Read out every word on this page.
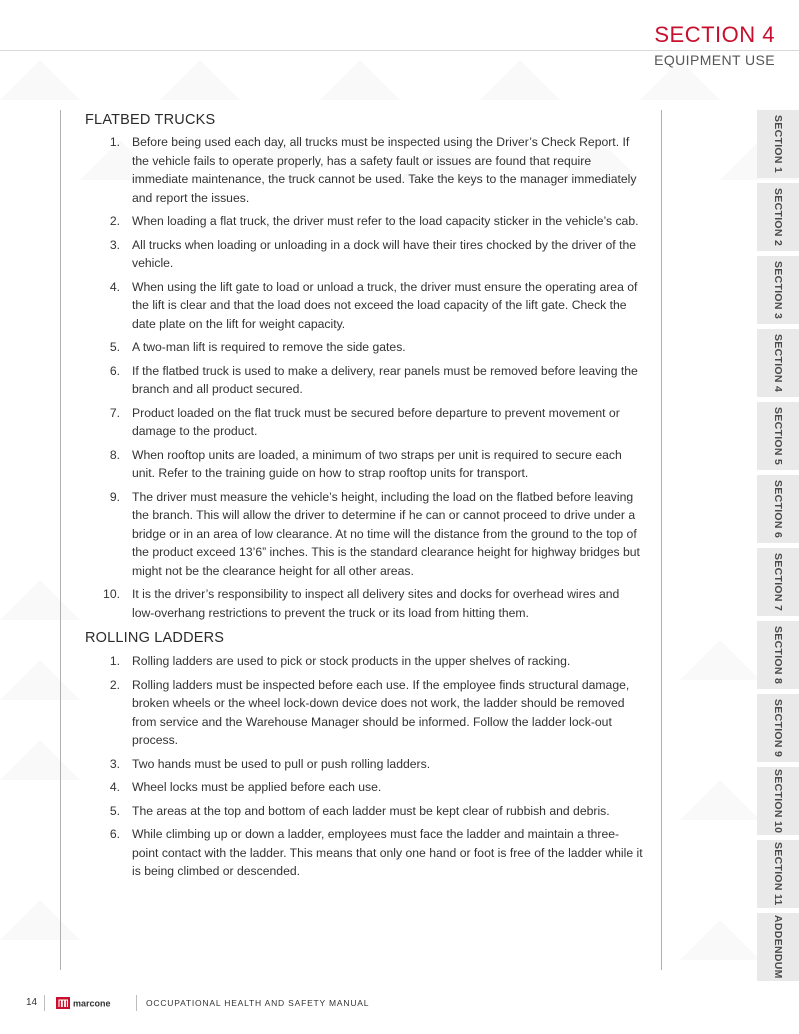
SECTION 4
EQUIPMENT USE
FLATBED TRUCKS
1. Before being used each day, all trucks must be inspected using the Driver’s Check Report. If the vehicle fails to operate properly, has a safety fault or issues are found that require immediate maintenance, the truck cannot be used. Take the keys to the manager immediately and report the issues.
2. When loading a flat truck, the driver must refer to the load capacity sticker in the vehicle’s cab.
3. All trucks when loading or unloading in a dock will have their tires chocked by the driver of the vehicle.
4. When using the lift gate to load or unload a truck, the driver must ensure the operating area of the lift is clear and that the load does not exceed the load capacity of the lift gate. Check the date plate on the lift for weight capacity.
5. A two-man lift is required to remove the side gates.
6. If the flatbed truck is used to make a delivery, rear panels must be removed before leaving the branch and all product secured.
7. Product loaded on the flat truck must be secured before departure to prevent movement or damage to the product.
8. When rooftop units are loaded, a minimum of two straps per unit is required to secure each unit. Refer to the training guide on how to strap rooftop units for transport.
9. The driver must measure the vehicle’s height, including the load on the flatbed before leaving the branch. This will allow the driver to determine if he can or cannot proceed to drive under a bridge or in an area of low clearance. At no time will the distance from the ground to the top of the product exceed 13’6” inches. This is the standard clearance height for highway bridges but might not be the clearance height for all other areas.
10. It is the driver’s responsibility to inspect all delivery sites and docks for overhead wires and low-overhang restrictions to prevent the truck or its load from hitting them.
ROLLING LADDERS
1. Rolling ladders are used to pick or stock products in the upper shelves of racking.
2. Rolling ladders must be inspected before each use. If the employee finds structural damage, broken wheels or the wheel lock-down device does not work, the ladder should be removed from service and the Warehouse Manager should be informed. Follow the ladder lock-out process.
3. Two hands must be used to pull or push rolling ladders.
4. Wheel locks must be applied before each use.
5. The areas at the top and bottom of each ladder must be kept clear of rubbish and debris.
6. While climbing up or down a ladder, employees must face the ladder and maintain a three-point contact with the ladder. This means that only one hand or foot is free of the ladder while it is being climbed or descended.
SECTION 1
SECTION 2
SECTION 3
SECTION 4
SECTION 5
SECTION 6
SECTION 7
SECTION 8
SECTION 9
SECTION 10
SECTION 11
ADDENDUM
14	marcone	OCCUPATIONAL HEALTH AND SAFETY MANUAL
